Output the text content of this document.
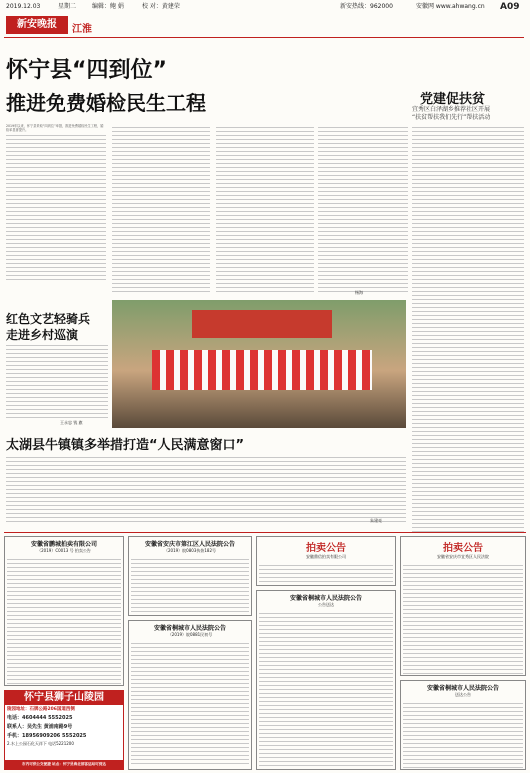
2019.12.03	星期二	编辑：鲍 娟	校 对：黄建荣	新安热线：962000	安徽网 www.ahwang.cn A09
新安晚报	江淮
怀宁县“四到位”
推进免费婚检民生工程
2019年以来，怀宁县采取“四到位”举措，推进免费婚检民生工程，婚检率显著提升。
杨海
党建促扶贫
宜秀区白泽湖乡推荐社区开展
“扶贫帮扶我们先行”帮扶活动
红色文艺轻骑兵
走进乡村巡演
王永忠 钱 旗
太湖县牛镇镇多举措打造“人民满意窗口”
朱建亮
安徽省鹏城拍卖有限公司
（2019）C0013 号 拍卖公告
安徽省安庆市第江区人民法院公告
（2019）皖0803执恢182号	拍卖公告
安徽鼎信拍卖有限公司
拍卖公告
安徽省安庆市宜秀区人民法院
安徽省桐城市人民法院公告
（2019）皖0881民初号
安徽省桐城市人民法院公告
公告送达
安徽省桐城市人民法院公告
送达公告
怀宁县狮子山陵园
陵园地址：石牌公路206国道西侧
电话：4604444 5552025
联系人：吴先生 黄浦南路9号
手机：18956909206 5552025
2.水上公园石化天祥下 电话5221200
市内可供公交便捷 站点：怀宁县海北部客运站可到达
